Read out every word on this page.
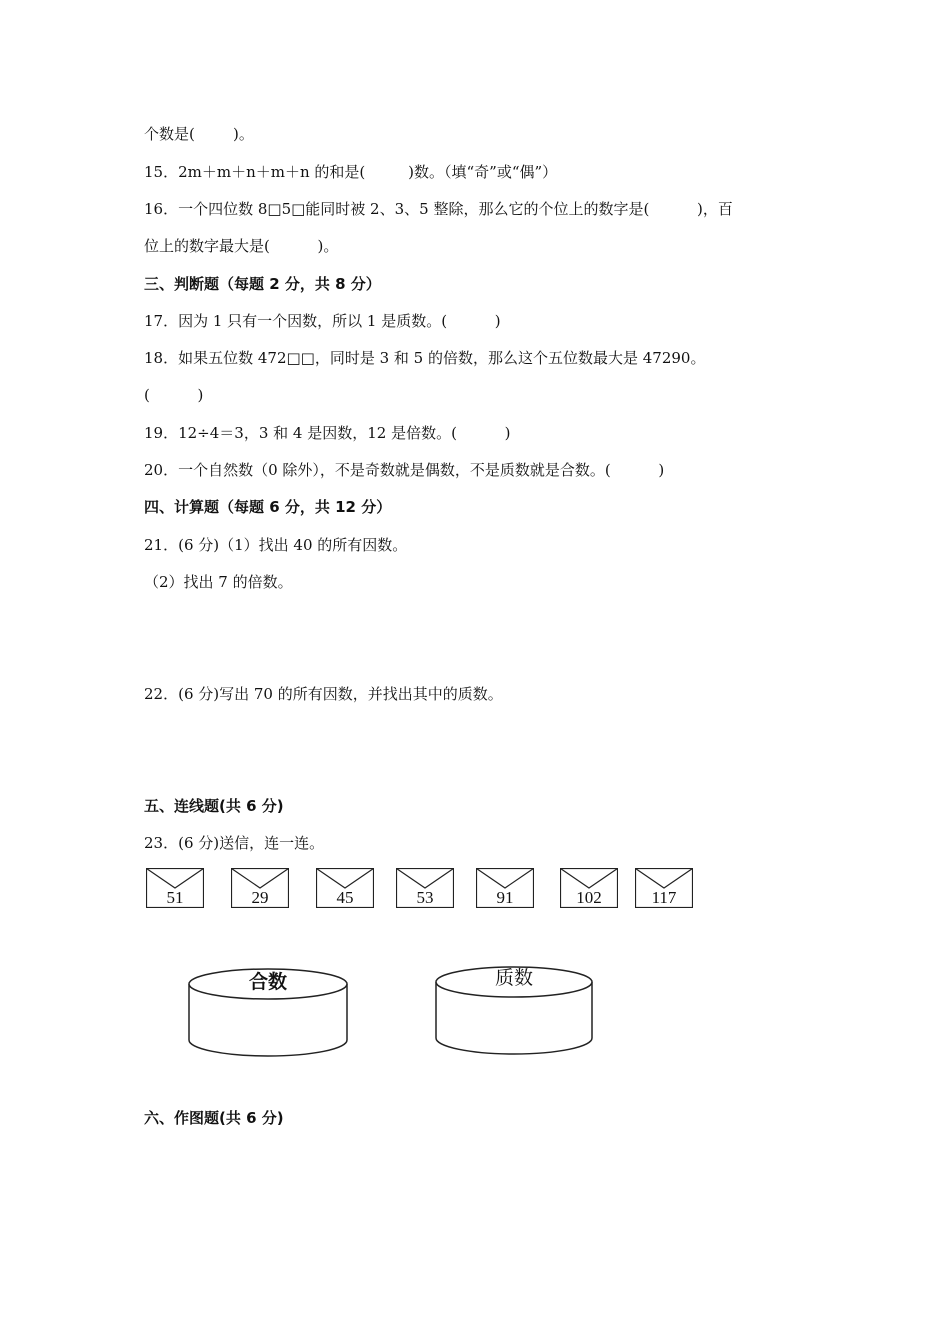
个数是(        )。
15．2m＋m＋n＋m＋n 的和是(         )数。（填“奇”或“偶”）
16．一个四位数 8□5□能同时被 2、3、5 整除，那么它的个位上的数字是(          )，百
位上的数字最大是(          )。
三、判断题（每题 2 分，共 8 分）
17．因为 1 只有一个因数，所以 1 是质数。(          )
18．如果五位数 472□□，同时是 3 和 5 的倍数，那么这个五位数最大是 47290。
(          )
19．12÷4＝3，3 和 4 是因数，12 是倍数。(          )
20．一个自然数（0 除外），不是奇数就是偶数，不是质数就是合数。(          )
四、计算题（每题 6 分，共 12 分）
21．(6 分)（1）找出 40 的所有因数。
（2）找出 7 的倍数。
22．(6 分)写出 70 的所有因数，并找出其中的质数。
五、连线题(共 6 分)
23．(6 分)送信，连一连。
51	29	45	53	91	102	117
合数	质数
六、作图题(共 6 分)
